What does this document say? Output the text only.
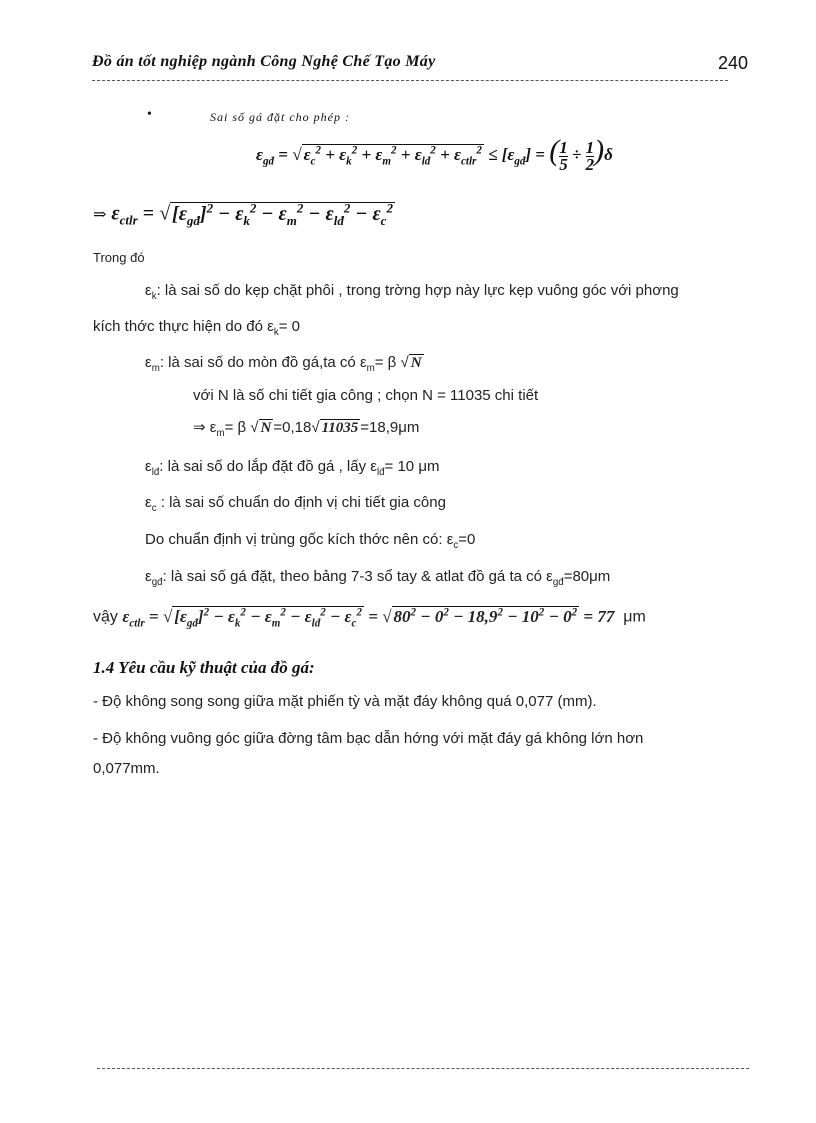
Đồ án tốt nghiệp ngành Công Nghệ Chế Tạo Máy	240
•	Sai số gá đặt cho phép :
$\varepsilon_{gđ}$ = √ $\varepsilon_c^2 + \varepsilon_k^2 + \varepsilon_m^2 + \varepsilon_{lđ}^2 + \varepsilon_{ctlr}^2 \le [\varepsilon_{gđ}]$ = ( $\frac{1}{5} \div \frac{1}{2} )\delta$
⇒ $\varepsilon_{ctlr}$ = √ $[\varepsilon_{gđ}]^2 - \varepsilon_k^2 - \varepsilon_m^2 - \varepsilon_{lđ}^2 - \varepsilon_c^2$
Trong đó
$\varepsilon_k$: là sai số do kẹp chặt phôi , trong trờng hợp này lực kẹp vuông góc với phơng
kích thớc thực hiện do đó $\varepsilon_k= 0$
$\varepsilon_m$: là sai số do mòn đồ gá,ta có $\varepsilon_m= \beta$ √ N
với N là số chi tiết gia công ; chọn N = 11035 chi tiết
⇒ $\varepsilon_m= \beta$ √ N =0,18√ 11035 =18,9μm
$\varepsilon_{lđ}$: là sai số do lắp đặt đồ gá , lấy $\varepsilon_{lđ}= 10$ μm
$\varepsilon_c$ : là sai số chuẩn do định vị chi tiết gia công
Do chuẩn định vị trùng gốc kích thớc nên có: $\varepsilon_c=0$
$\varepsilon_{gđ}$: là sai số gá đặt, theo bảng 7-3 sổ tay & atlat đồ gá ta có $\varepsilon_{gđ}=80\mu m$
vậy $\varepsilon_{ctlr}$ = √ $[\varepsilon_{gđ}]^2 - \varepsilon_k^2 - \varepsilon_m^2 - \varepsilon_{lđ}^2 - \varepsilon_c^2$ = √ $80^2 - 0^2 - 18,9^2 - 10^2 - 0^2 = 77$ μm
1.4 Yêu cầu kỹ thuật của đồ gá:
- Độ không song song giữa mặt phiến tỳ và mặt đáy không quá 0,077 (mm).
- Độ không vuông góc giữa đờng tâm bạc dẫn hớng với mặt đáy gá không lớn hơn
0,077mm.
